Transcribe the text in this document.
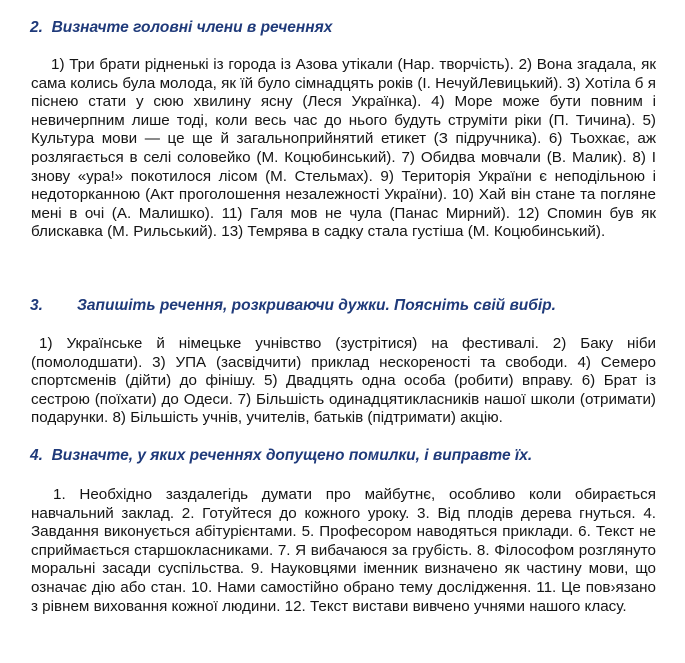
2. Визначте головні члени в реченнях

1) Три брати рідненькі із города із Азова утікали (Нар. творчість). 2) Вона згадала, як сама колись була молода, як їй було сімнадцять років (І. НечуйЛевицький). 3) Хотіла б я піснею стати у сюю хвилину ясну (Леся Українка). 4) Море може бути повним і невичерпним лише тоді, коли весь час до нього будуть струміти ріки (П. Тичина). 5) Культура мови — це ще й загальноприйнятий етикет (З підручника). 6) Тьохкає, аж розлягається в селі соловейко (М. Коцюбинський). 7) Обидва мовчали (В. Малик). 8) І знову «ура!» покотилося лісом (М. Стельмах). 9) Територія України є неподільною і недоторканною (Акт проголошення незалежності України). 10) Хай він стане та погляне мені в очі (А. Малишко). 11) Галя мов не чула (Панас Мирний). 12) Спомин був як блискавка (М. Рильський). 13) Темрява в садку стала густіша (М. Коцюбинський).

3. Запишіть речення, розкриваючи дужки. Поясніть свій вибір.

1) Українське й німецьке учнівство (зустрітися) на фестивалі. 2) Баку ніби (помолодшати). 3) УПА (засвідчити) приклад нескореності та свободи. 4) Семеро спортсменів (дійти) до фінішу. 5) Двадцять одна особа (робити) вправу. 6) Брат із сестрою (поїхати) до Одеси. 7) Більшість одинадцятикласників нашої школи (отримати) подарунки. 8) Більшість учнів, учителів, батьків (підтримати) акцію.

4. Визначте, у яких реченнях допущено помилки, і виправте їх.

1. Необхідно заздалегідь думати про майбутнє, особливо коли обирається навчальний заклад. 2. Готуйтеся до кожного уроку. 3. Від плодів дерева гнуться. 4. Завдання виконується абітурієнтами. 5. Професором наводяться приклади. 6. Текст не сприймається старшокласниками. 7. Я вибачаюся за грубість. 8. Філософом розглянуто моральні засади суспільства. 9. Науковцями іменник визначено як частину мови, що означає дію або стан. 10. Нами самостійно обрано тему дослідження. 11. Це пов›язано з рівнем виховання кожної людини. 12. Текст вистави вивчено учнями нашого класу.
